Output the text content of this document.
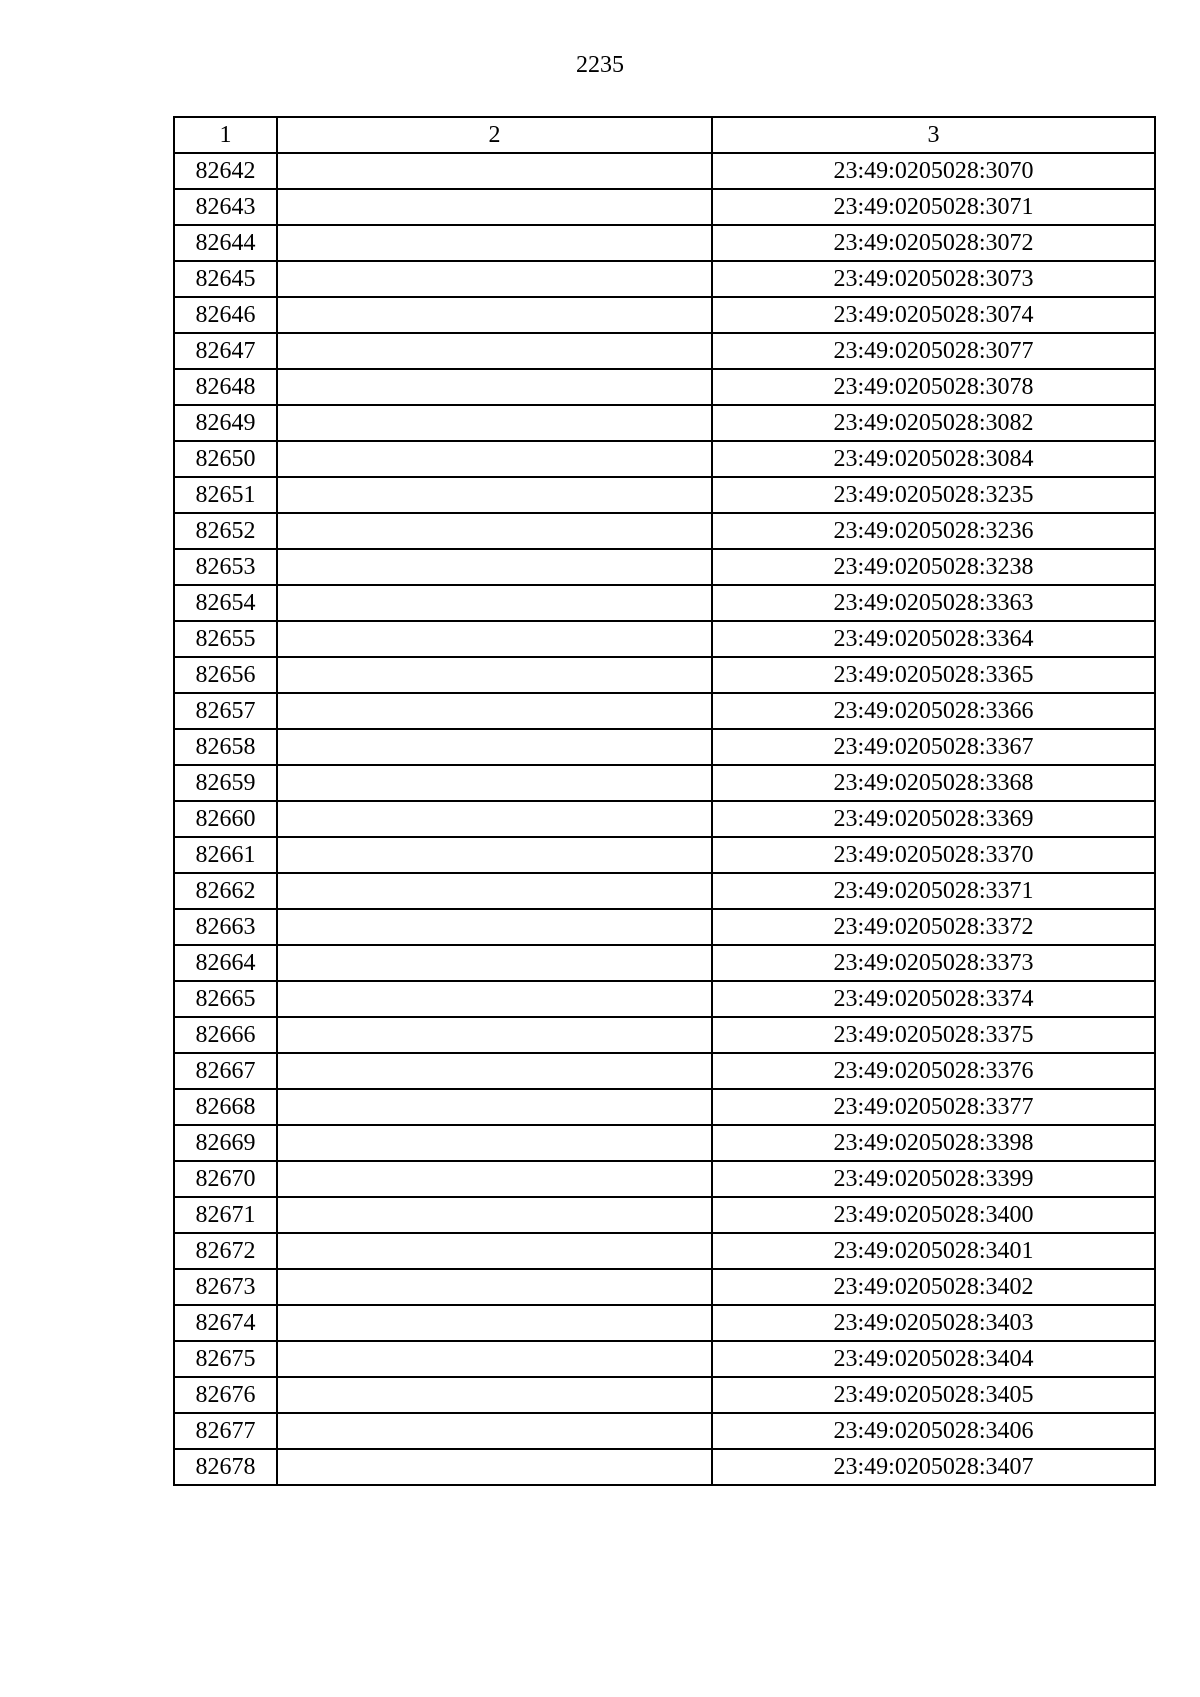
2235
1	2	3
82642		23:49:0205028:3070
82643		23:49:0205028:3071
82644		23:49:0205028:3072
82645		23:49:0205028:3073
82646		23:49:0205028:3074
82647		23:49:0205028:3077
82648		23:49:0205028:3078
82649		23:49:0205028:3082
82650		23:49:0205028:3084
82651		23:49:0205028:3235
82652		23:49:0205028:3236
82653		23:49:0205028:3238
82654		23:49:0205028:3363
82655		23:49:0205028:3364
82656		23:49:0205028:3365
82657		23:49:0205028:3366
82658		23:49:0205028:3367
82659		23:49:0205028:3368
82660		23:49:0205028:3369
82661		23:49:0205028:3370
82662		23:49:0205028:3371
82663		23:49:0205028:3372
82664		23:49:0205028:3373
82665		23:49:0205028:3374
82666		23:49:0205028:3375
82667		23:49:0205028:3376
82668		23:49:0205028:3377
82669		23:49:0205028:3398
82670		23:49:0205028:3399
82671		23:49:0205028:3400
82672		23:49:0205028:3401
82673		23:49:0205028:3402
82674		23:49:0205028:3403
82675		23:49:0205028:3404
82676		23:49:0205028:3405
82677		23:49:0205028:3406
82678		23:49:0205028:3407
